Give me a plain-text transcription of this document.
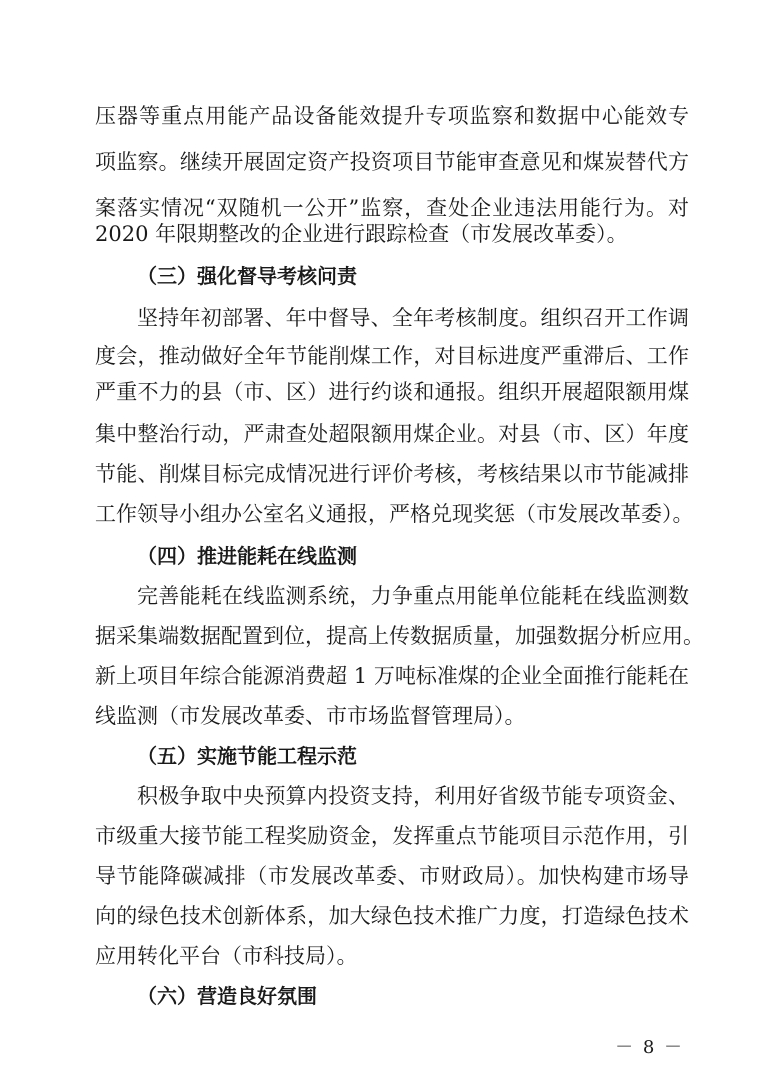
压器等重点用能产品设备能效提升专项监察和数据中心能效专
项监察。继续开展固定资产投资项目节能审查意见和煤炭替代方
案落实情况“双随机一公开”监察，查处企业违法用能行为。对
2020 年限期整改的企业进行跟踪检查（市发展改革委）。
（三）强化督导考核问责
坚持年初部署、年中督导、全年考核制度。组织召开工作调
度会，推动做好全年节能削煤工作，对目标进度严重滞后、工作
严重不力的县（市、区）进行约谈和通报。组织开展超限额用煤
集中整治行动，严肃查处超限额用煤企业。对县（市、区）年度
节能、削煤目标完成情况进行评价考核，考核结果以市节能减排
工作领导小组办公室名义通报，严格兑现奖惩（市发展改革委）。
（四）推进能耗在线监测
完善能耗在线监测系统，力争重点用能单位能耗在线监测数
据采集端数据配置到位，提高上传数据质量，加强数据分析应用。
新上项目年综合能源消费超 1 万吨标准煤的企业全面推行能耗在
线监测（市发展改革委、市市场监督管理局）。
（五）实施节能工程示范
积极争取中央预算内投资支持，利用好省级节能专项资金、
市级重大接节能工程奖励资金，发挥重点节能项目示范作用，引
导节能降碳减排（市发展改革委、市财政局）。加快构建市场导
向的绿色技术创新体系，加大绿色技术推广力度，打造绿色技术
应用转化平台（市科技局）。
（六）营造良好氛围
－ 8 －
